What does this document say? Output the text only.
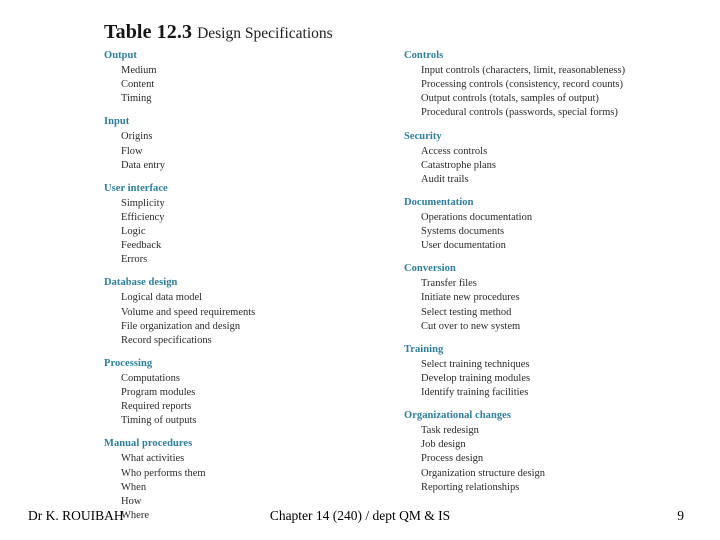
Table 12.3 Design Specifications
Output
Medium
Content
Timing
Input
Origins
Flow
Data entry
User interface
Simplicity
Efficiency
Logic
Feedback
Errors
Database design
Logical data model
Volume and speed requirements
File organization and design
Record specifications
Processing
Computations
Program modules
Required reports
Timing of outputs
Manual procedures
What activities
Who performs them
When
How
Where
Controls
Input controls (characters, limit, reasonableness)
Processing controls (consistency, record counts)
Output controls (totals, samples of output)
Procedural controls (passwords, special forms)
Security
Access controls
Catastrophe plans
Audit trails
Documentation
Operations documentation
Systems documents
User documentation
Conversion
Transfer files
Initiate new procedures
Select testing method
Cut over to new system
Training
Select training techniques
Develop training modules
Identify training facilities
Organizational changes
Task redesign
Job design
Process design
Organization structure design
Reporting relationships
Dr K. ROUIBAH	Chapter 14 (240) / dept QM & IS	9
